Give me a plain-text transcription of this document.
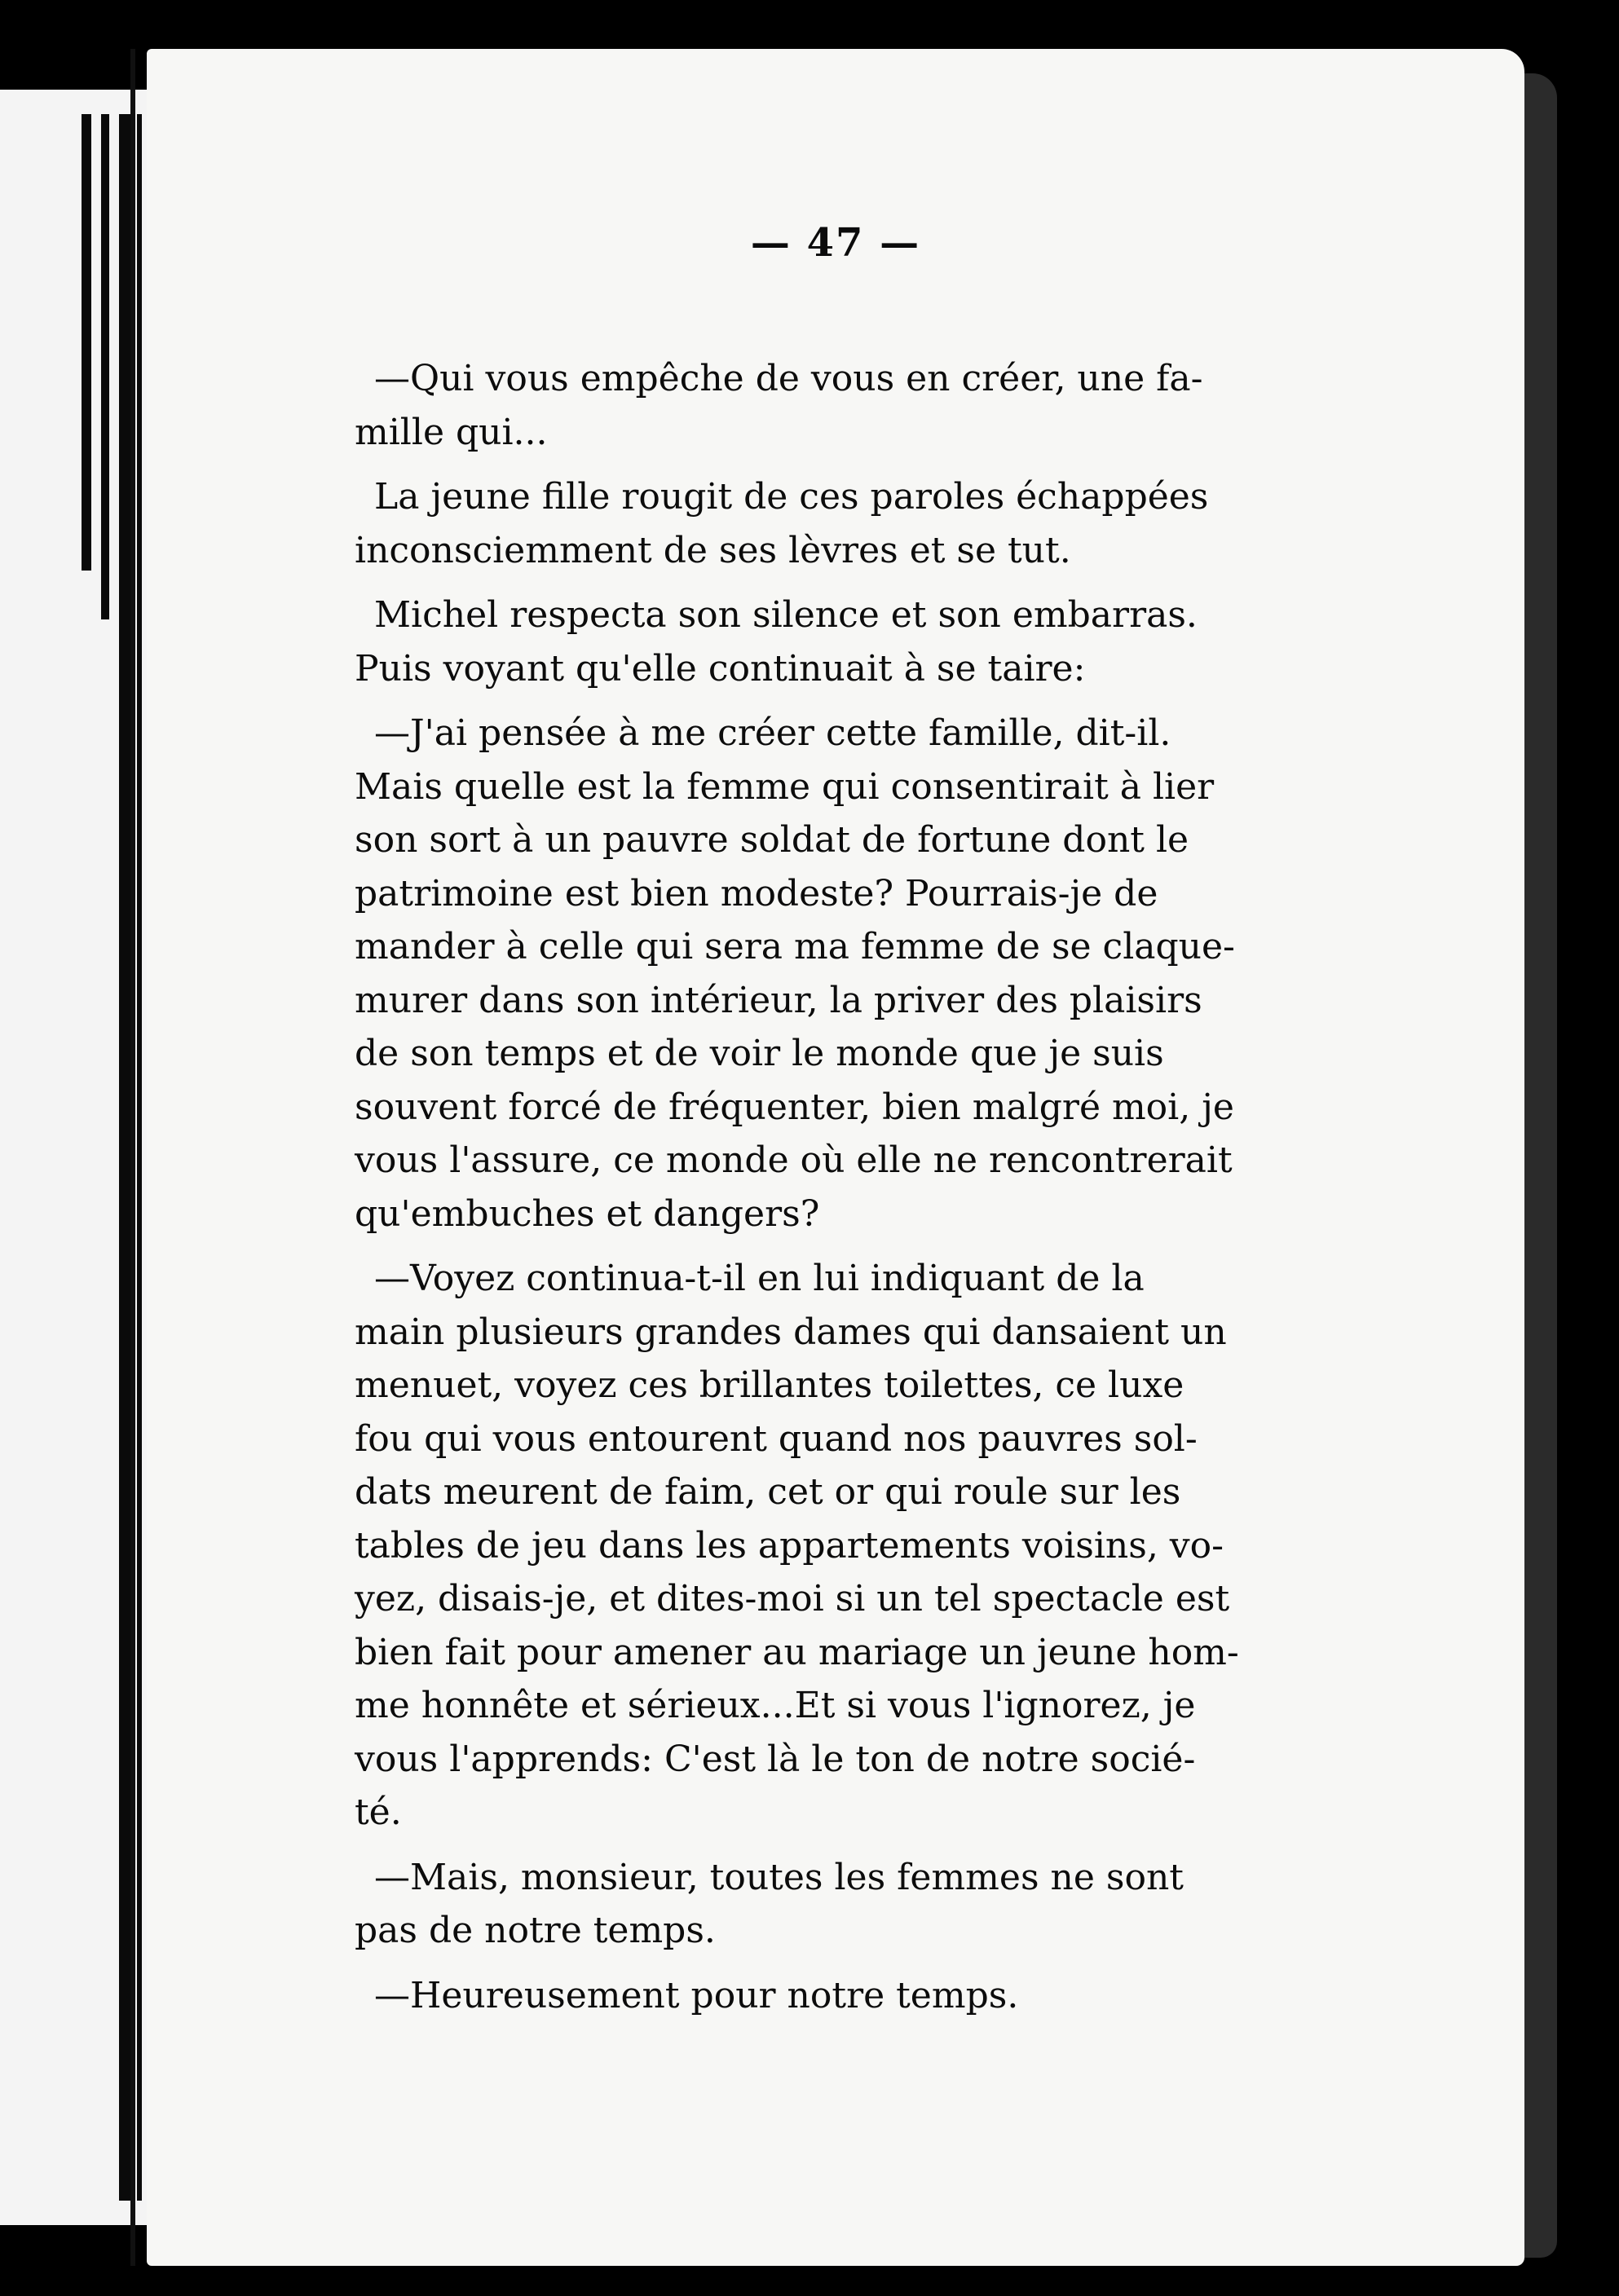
— 47 —

—Qui vous empêche de vous en créer, une fa-
mille qui...

La jeune fille rougit de ces paroles échappées
inconsciemment de ses lèvres et se tut.

Michel respecta son silence et son embarras.
Puis voyant qu'elle continuait à se taire:

—J'ai pensée à me créer cette famille, dit-il.
Mais quelle est la femme qui consentirait à lier
son sort à un pauvre soldat de fortune dont le
patrimoine est bien modeste? Pourrais-je de
mander à celle qui sera ma femme de se claque-
murer dans son intérieur, la priver des plaisirs
de son temps et de voir le monde que je suis
souvent forcé de fréquenter, bien malgré moi, je
vous l'assure, ce monde où elle ne rencontrerait
qu'embuches et dangers?

—Voyez continua-t-il en lui indiquant de la
main plusieurs grandes dames qui dansaient un
menuet, voyez ces brillantes toilettes, ce luxe
fou qui vous entourent quand nos pauvres sol-
dats meurent de faim, cet or qui roule sur les
tables de jeu dans les appartements voisins, vo-
yez, disais-je, et dites-moi si un tel spectacle est
bien fait pour amener au mariage un jeune hom-
me honnête et sérieux...Et si vous l'ignorez, je
vous l'apprends: C'est là le ton de notre socié-
té.

—Mais, monsieur, toutes les femmes ne sont
pas de notre temps.

—Heureusement pour notre temps.
